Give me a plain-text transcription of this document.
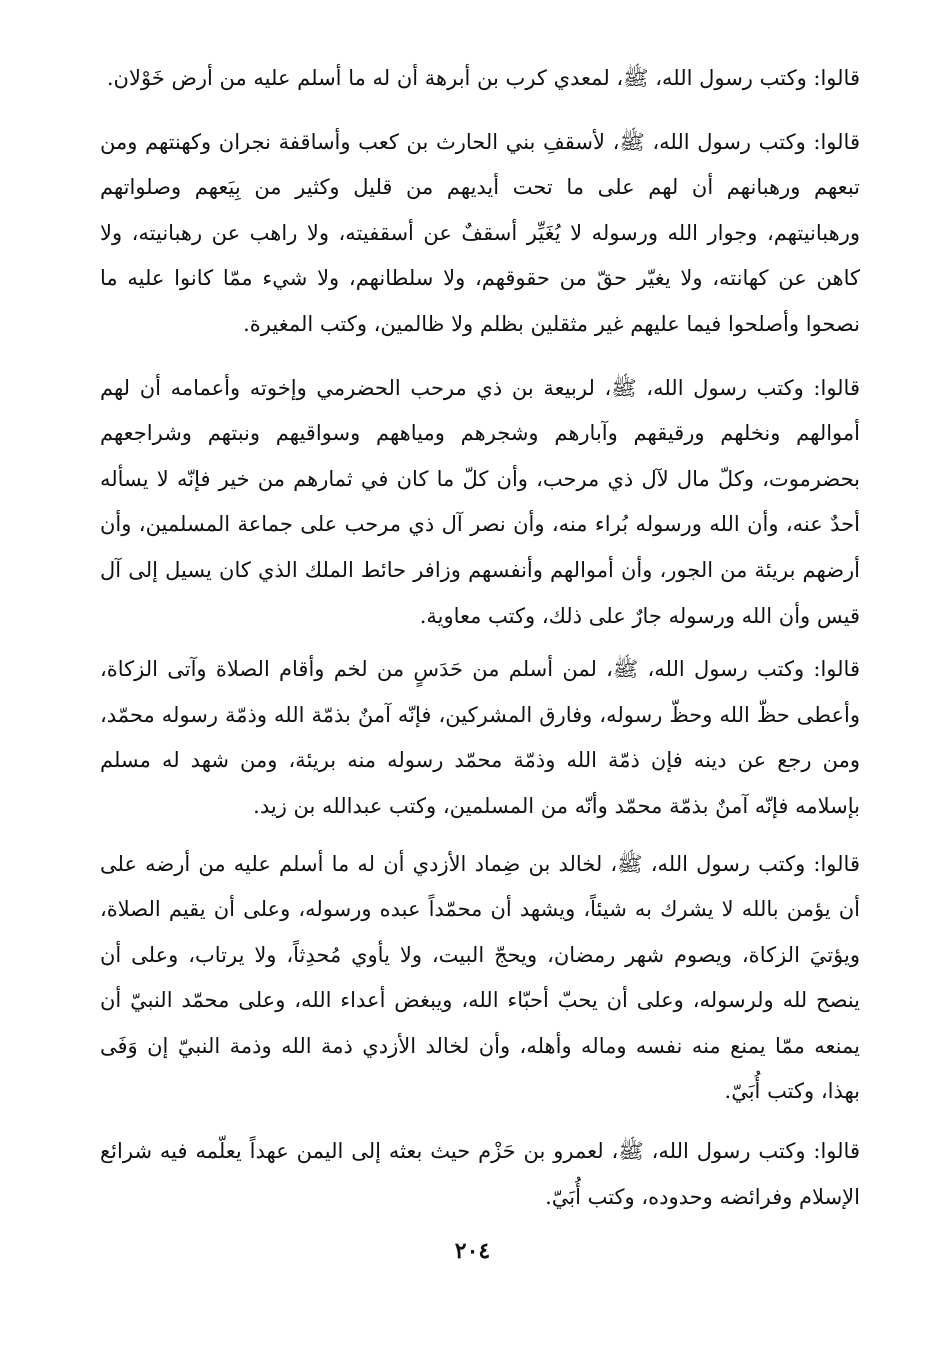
قالوا: وكتب رسول الله، ﷺ، لمعدي كرب بن أبرهة أن له ما أسلم عليه من أرض خَوْلان.

قالوا: وكتب رسول الله، ﷺ، لأسقفِ بني الحارث بن كعب وأساقفة نجران وكهنتهم ومن تبعهم ورهبانهم أن لهم على ما تحت أيديهم من قليل وكثير من بِيَعهم وصلواتهم ورهبانيتهم، وجوار الله ورسوله لا يُغَيِّر أسقفٌ عن أسقفيته، ولا راهب عن رهبانيته، ولا كاهن عن كهانته، ولا يغيّر حقّ من حقوقهم، ولا سلطانهم، ولا شيء ممّا كانوا عليه ما نصحوا وأصلحوا فيما عليهم غير مثقلين بظلم ولا ظالمين، وكتب المغيرة.

قالوا: وكتب رسول الله، ﷺ، لربيعة بن ذي مرحب الحضرمي وإخوته وأعمامه أن لهم أموالهم ونخلهم ورقيقهم وآبارهم وشجرهم ومياههم وسواقيهم ونبتهم وشراجعهم بحضرموت، وكلّ مال لآل ذي مرحب، وأن كلّ ما كان في ثمارهم من خير فإنّه لا يسأله أحدٌ عنه، وأن الله ورسوله بُراء منه، وأن نصر آل ذي مرحب على جماعة المسلمين، وأن أرضهم بريئة من الجور، وأن أموالهم وأنفسهم وزافر حائط الملك الذي كان يسيل إلى آل قيس وأن الله ورسوله جارٌ على ذلك، وكتب معاوية.

قالوا: وكتب رسول الله، ﷺ، لمن أسلم من حَدَسٍ من لخم وأقام الصلاة وآتى الزكاة، وأعطى حظّ الله وحظّ رسوله، وفارق المشركين، فإنّه آمنٌ بذمّة الله وذمّة رسوله محمّد، ومن رجع عن دينه فإن ذمّة الله وذمّة محمّد رسوله منه بريئة، ومن شهد له مسلم بإسلامه فإنّه آمنٌ بذمّة محمّد وأنّه من المسلمين، وكتب عبدالله بن زيد.

قالوا: وكتب رسول الله، ﷺ، لخالد بن ضِماد الأزدي أن له ما أسلم عليه من أرضه على أن يؤمن بالله لا يشرك به شيئاً، ويشهد أن محمّداً عبده ورسوله، وعلى أن يقيم الصلاة، ويؤتيَ الزكاة، ويصوم شهر رمضان، ويحجّ البيت، ولا يأوي مُحدِثاً، ولا يرتاب، وعلى أن ينصح لله ولرسوله، وعلى أن يحبّ أحبّاء الله، ويبغض أعداء الله، وعلى محمّد النبيّ أن يمنعه ممّا يمنع منه نفسه وماله وأهله، وأن لخالد الأزدي ذمة الله وذمة النبيّ إن وَفَى بهذا، وكتب أُبَيّ.

قالوا: وكتب رسول الله، ﷺ، لعمرو بن حَزْم حيث بعثه إلى اليمن عهداً يعلّمه فيه شرائع الإسلام وفرائضه وحدوده، وكتب أُبَيّ.

٢٠٤
